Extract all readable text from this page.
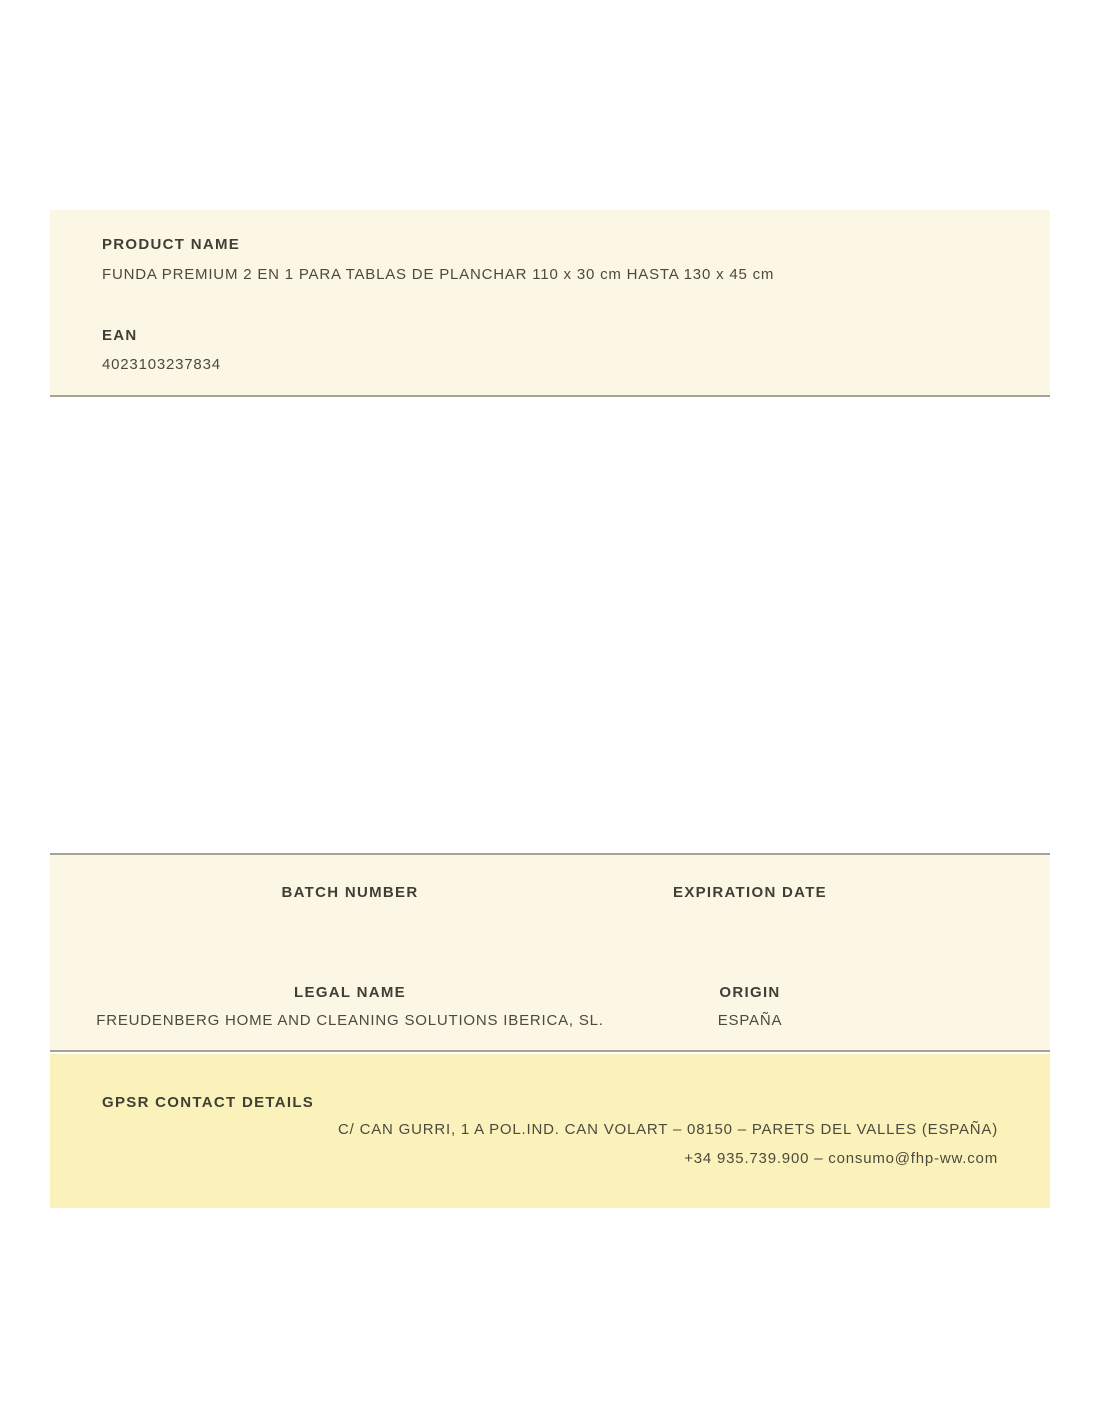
PRODUCT NAME
FUNDA PREMIUM 2 EN 1 PARA TABLAS DE PLANCHAR 110 x 30 cm HASTA 130 x 45 cm
EAN
4023103237834
BATCH NUMBER	EXPIRATION DATE
LEGAL NAME
FREUDENBERG HOME AND CLEANING SOLUTIONS IBERICA, SL.
ORIGIN
ESPAÑA
GPSR CONTACT DETAILS
C/ CAN GURRI, 1 A POL.IND. CAN VOLART – 08150 – PARETS DEL VALLES (ESPAÑA)
+34 935.739.900 – consumo@fhp-ww.com
